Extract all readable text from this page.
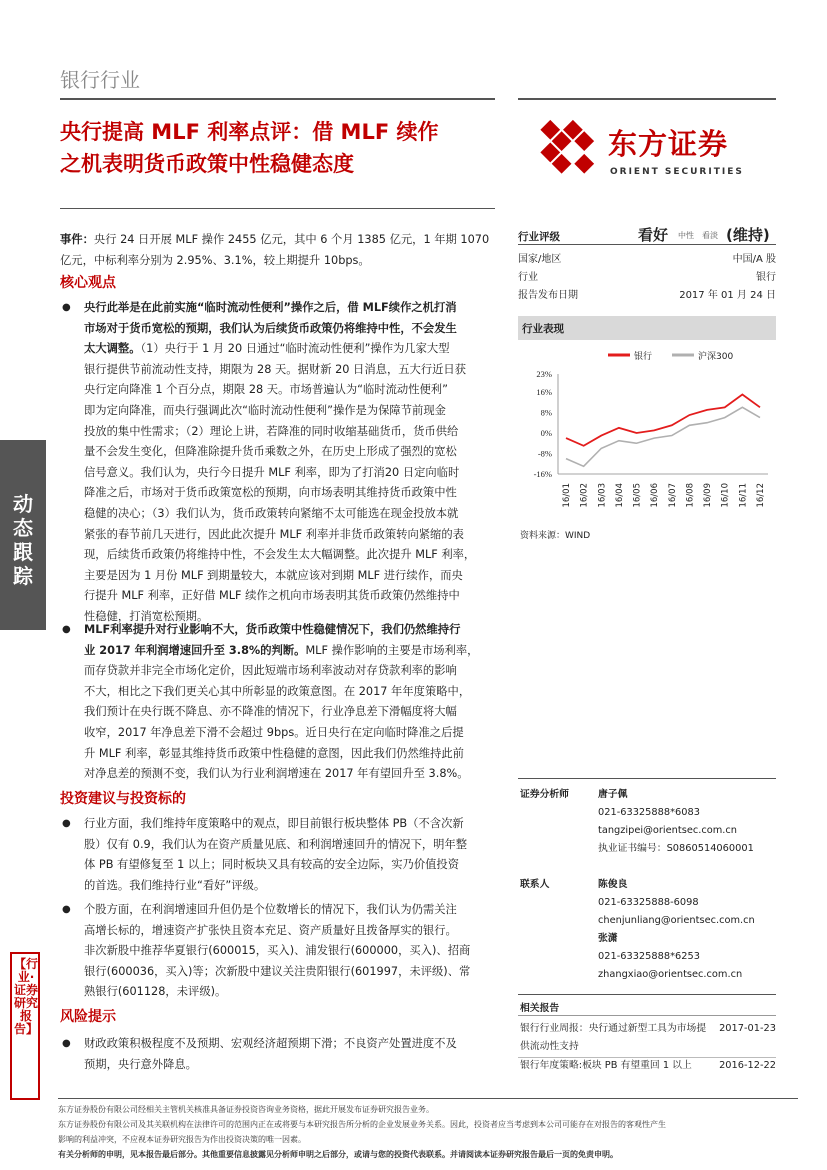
银行行业
央行提高 MLF 利率点评：借 MLF 续作
之机表明货币政策中性稳健态度
东方证券
ORIENT SECURITIES
动态跟踪
【行业·证券研究报告】
事件：央行 24 日开展 MLF 操作 2455 亿元，其中 6 个月 1385 亿元，1 年期 1070
亿元，中标利率分别为 2.95%、3.1%，较上期提升 10bps。
核心观点
● 央行此举是在此前实施“临时流动性便利”操作之后，借 MLF续作之机打消
市场对于货币宽松的预期，我们认为后续货币政策仍将维持中性，不会发生
太大调整。（1）央行于 1 月 20 日通过“临时流动性便利”操作为几家大型
银行提供节前流动性支持，期限为 28 天。据财新 20 日消息，五大行近日获
央行定向降准 1 个百分点，期限 28 天。市场普遍认为“临时流动性便利”
即为定向降准，而央行强调此次“临时流动性便利”操作是为保障节前现金
投放的集中性需求；（2）理论上讲，若降准的同时收缩基础货币，货币供给
量不会发生变化，但降准除提升货币乘数之外，在历史上形成了强烈的宽松
信号意义。我们认为，央行今日提升 MLF 利率，即为了打消20 日定向临时
降准之后，市场对于货币政策宽松的预期，向市场表明其维持货币政策中性
稳健的决心；（3）我们认为，货币政策转向紧缩不太可能选在现金投放本就
紧张的春节前几天进行，因此此次提升 MLF 利率并非货币政策转向紧缩的表
现，后续货币政策仍将维持中性，不会发生太大幅调整。此次提升 MLF 利率，
主要是因为 1 月份 MLF 到期量较大，本就应该对到期 MLF 进行续作，而央
行提升 MLF 利率，正好借 MLF 续作之机向市场表明其货币政策仍然维持中
性稳健，打消宽松预期。
● MLF利率提升对行业影响不大，货币政策中性稳健情况下，我们仍然维持行
业 2017 年利润增速回升至 3.8%的判断。MLF 操作影响的主要是市场利率，
而存贷款并非完全市场化定价，因此短端市场利率波动对存贷款利率的影响
不大，相比之下我们更关心其中所彰显的政策意图。在 2017 年年度策略中，
我们预计在央行既不降息、亦不降准的情况下，行业净息差下滑幅度将大幅
收窄，2017 年净息差下滑不会超过 9bps。近日央行在定向临时降准之后提
升 MLF 利率，彰显其维持货币政策中性稳健的意图，因此我们仍然维持此前
对净息差的预测不变，我们认为行业利润增速在 2017 年有望回升至 3.8%。
投资建议与投资标的
● 行业方面，我们维持年度策略中的观点，即目前银行板块整体 PB（不含次新
股）仅有 0.9，我们认为在资产质量见底、和利润增速回升的情况下，明年整
体 PB 有望修复至 1 以上；同时板块又具有较高的安全边际，实乃价值投资
的首选。我们维持行业“看好”评级。
● 个股方面，在利润增速回升但仍是个位数增长的情况下，我们认为仍需关注
高增长标的，增速资产扩张快且资本充足、资产质量好且拨备厚实的银行。
非次新股中推荐华夏银行(600015，买入)、浦发银行(600000，买入)、招商
银行(600036，买入)等；次新股中建议关注贵阳银行(601997，未评级)、常
熟银行(601128，未评级)。
风险提示
● 财政政策积极程度不及预期、宏观经济超预期下滑；不良资产处置进度不及
预期，央行意外降息。
行业评级	看好 中性 看淡 (维持)
国家/地区	中国/A 股
行业	银行
报告发布日期	2017 年 01 月 24 日
行业表现
银行	沪深300
23%
16%
8%
0%
-8%
-16%
16/01 16/02 16/03 16/04 16/05 16/06 16/07 16/08 16/09 16/10 16/11 16/12
资料来源：WIND
证券分析师	唐子佩
021-63325888*6083
tangzipei@orientsec.com.cn
执业证书编号：S0860514060001
联系人	陈俊良
021-63325888-6098
chenjunliang@orientsec.com.cn
张潇
021-63325888*6253
zhangxiao@orientsec.com.cn
相关报告
银行行业周报：央行通过新型工具为市场提
供流动性支持
2017-01-23
银行年度策略:板块 PB 有望重回 1 以上	2016-12-22
东方证券股份有限公司经相关主管机关核准具备证券投资咨询业务资格，据此开展发布证券研究报告业务。
东方证券股份有限公司及其关联机构在法律许可的范围内正在或将要与本研究报告所分析的企业发展业务关系。因此，投资者应当考虑到本公司可能存在对报告的客观性产生
影响的利益冲突，不应视本证券研究报告为作出投资决策的唯一因素。
有关分析师的申明，见本报告最后部分。其他重要信息披露见分析师申明之后部分，或请与您的投资代表联系。并请阅读本证券研究报告最后一页的免责申明。
